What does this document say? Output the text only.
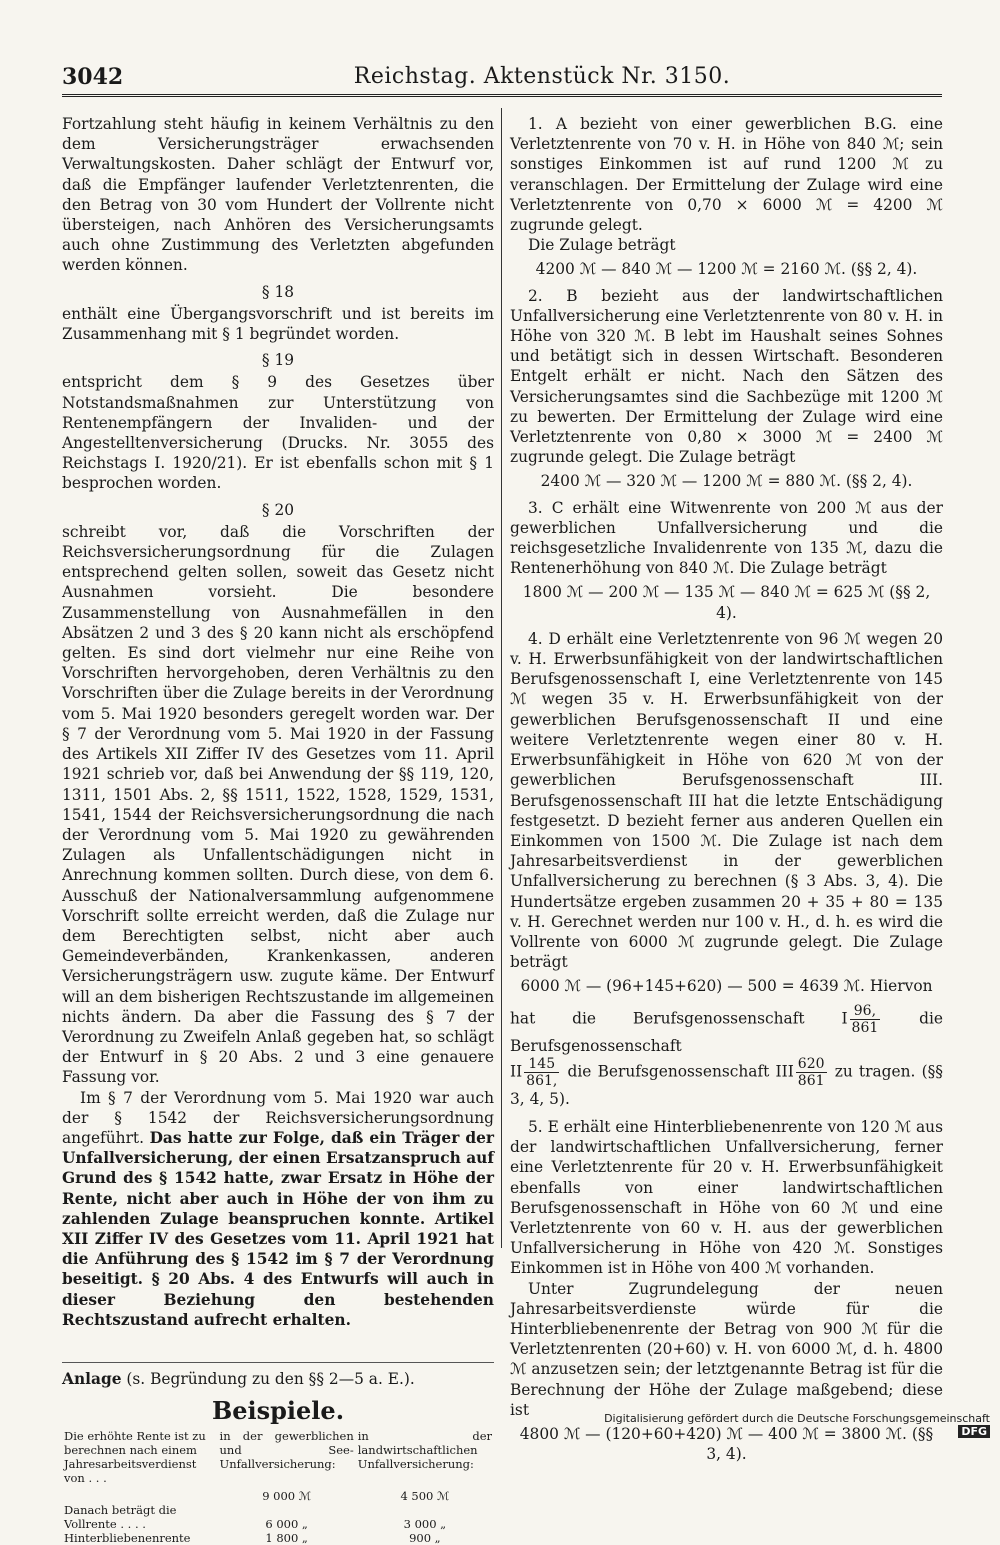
3042	Reichstag. Aktenstück Nr. 3150.

Fortzahlung steht häufig in keinem Verhältnis zu den dem Versicherungsträger erwachsenden Verwaltungskosten. Daher schlägt der Entwurf vor, daß die Empfänger laufender Verletztenrenten, die den Betrag von 30 vom Hundert der Vollrente nicht übersteigen, nach Anhören des Versicherungsamts auch ohne Zustimmung des Verletzten abgefunden werden können.

§ 18

enthält eine Übergangsvorschrift und ist bereits im Zusammenhang mit § 1 begründet worden.

§ 19

entspricht dem § 9 des Gesetzes über Notstandsmaßnahmen zur Unterstützung von Rentenempfängern der Invaliden- und der Angestelltenversicherung (Drucks. Nr. 3055 des Reichstags I. 1920/21). Er ist ebenfalls schon mit § 1 besprochen worden.

§ 20

schreibt vor, daß die Vorschriften der Reichsversicherungsordnung für die Zulagen entsprechend gelten sollen, soweit das Gesetz nicht Ausnahmen vorsieht. Die besondere Zusammenstellung von Ausnahmefällen in den Absätzen 2 und 3 des § 20 kann nicht als erschöpfend gelten. Es sind dort vielmehr nur eine Reihe von Vorschriften hervorgehoben, deren Verhältnis zu den Vorschriften über die Zulage bereits in der Verordnung vom 5. Mai 1920 besonders geregelt worden war. Der § 7 der Verordnung vom 5. Mai 1920 in der Fassung des Artikels XII Ziffer IV des Gesetzes vom 11. April 1921 schrieb vor, daß bei Anwendung der §§ 119, 120, 1311, 1501 Abs. 2, §§ 1511, 1522, 1528, 1529, 1531, 1541, 1544 der Reichsversicherungsordnung die nach der Verordnung vom 5. Mai 1920 zu gewährenden Zulagen als Unfallentschädigungen nicht in Anrechnung kommen sollten. Durch diese, von dem 6. Ausschuß der Nationalversammlung aufgenommene Vorschrift sollte erreicht werden, daß die Zulage nur dem Berechtigten selbst, nicht aber auch Gemeindeverbänden, Krankenkassen, anderen Versicherungsträgern usw. zugute käme. Der Entwurf will an dem bisherigen Rechtszustande im allgemeinen nichts ändern. Da aber die Fassung des § 7 der Verordnung zu Zweifeln Anlaß gegeben hat, so schlägt der Entwurf in § 20 Abs. 2 und 3 eine genauere Fassung vor.

Im § 7 der Verordnung vom 5. Mai 1920 war auch der § 1542 der Reichsversicherungsordnung angeführt. Das hatte zur Folge, daß ein Träger der Unfallversicherung, der einen Ersatzanspruch auf Grund des § 1542 hatte, zwar Ersatz in Höhe der Rente, nicht aber auch in Höhe der von ihm zu zahlenden Zulage beanspruchen konnte. Artikel XII Ziffer IV des Gesetzes vom 11. April 1921 hat die Anführung des § 1542 im § 7 der Verordnung beseitigt. § 20 Abs. 4 des Entwurfs will auch in dieser Beziehung den bestehenden Rechtszustand aufrecht erhalten.

Anlage (s. Begründung zu den §§ 2—5 a. E.).
Beispiele.
Die erhöhte Rente ist zu berechnen nach einem Jahresarbeitsverdienst von . . .	in der gewerblichen und See-Unfallversicherung:	in der landwirtschaftlichen Unfallversicherung:
	9 000 ℳ	4 500 ℳ
Danach beträgt die		
Vollrente . . . .	6 000 „	3 000 „
Hinterbliebenenrente	1 800 „	900 „

1. A bezieht von einer gewerblichen B.G. eine Verletztenrente von 70 v. H. in Höhe von 840 ℳ; sein sonstiges Einkommen ist auf rund 1200 ℳ zu veranschlagen. Der Ermittelung der Zulage wird eine Verletztenrente von 0,70 × 6000 ℳ = 4200 ℳ zugrunde gelegt.

Die Zulage beträgt

4200 ℳ — 840 ℳ — 1200 ℳ = 2160 ℳ. (§§ 2, 4).

2. B bezieht aus der landwirtschaftlichen Unfallversicherung eine Verletztenrente von 80 v. H. in Höhe von 320 ℳ. B lebt im Haushalt seines Sohnes und betätigt sich in dessen Wirtschaft. Besonderen Entgelt erhält er nicht. Nach den Sätzen des Versicherungsamtes sind die Sachbezüge mit 1200 ℳ zu bewerten. Der Ermittelung der Zulage wird eine Verletztenrente von 0,80 × 3000 ℳ = 2400 ℳ zugrunde gelegt. Die Zulage beträgt

2400 ℳ — 320 ℳ — 1200 ℳ = 880 ℳ. (§§ 2, 4).

3. C erhält eine Witwenrente von 200 ℳ aus der gewerblichen Unfallversicherung und die reichsgesetzliche Invalidenrente von 135 ℳ, dazu die Rentenerhöhung von 840 ℳ. Die Zulage beträgt

1800 ℳ — 200 ℳ — 135 ℳ — 840 ℳ = 625 ℳ (§§ 2, 4).

4. D erhält eine Verletztenrente von 96 ℳ wegen 20 v. H. Erwerbsunfähigkeit von der landwirtschaftlichen Berufsgenossenschaft I, eine Verletztenrente von 145 ℳ wegen 35 v. H. Erwerbsunfähigkeit von der gewerblichen Berufsgenossenschaft II und eine weitere Verletztenrente wegen einer 80 v. H. Erwerbsunfähigkeit in Höhe von 620 ℳ von der gewerblichen Berufsgenossenschaft III. Berufsgenossenschaft III hat die letzte Entschädigung festgesetzt. D bezieht ferner aus anderen Quellen ein Einkommen von 1500 ℳ. Die Zulage ist nach dem Jahresarbeitsverdienst in der gewerblichen Unfallversicherung zu berechnen (§ 3 Abs. 3, 4). Die Hundertsätze ergeben zusammen 20 + 35 + 80 = 135 v. H. Gerechnet werden nur 100 v. H., d. h. es wird die Vollrente von 6000 ℳ zugrunde gelegt. Die Zulage beträgt

6000 ℳ — (96+145+620) — 500 = 4639 ℳ. Hiervon

hat die Berufsgenossenschaft I $\frac{96,}{861}$ die Berufsgenossenschaft

II $\frac{145}{861,}$ die Berufsgenossenschaft III $\frac{620}{861}$ zu tragen. (§§ 3, 4, 5).

5. E erhält eine Hinterbliebenenrente von 120 ℳ aus der landwirtschaftlichen Unfallversicherung, ferner eine Verletztenrente für 20 v. H. Erwerbsunfähigkeit ebenfalls von einer landwirtschaftlichen Berufsgenossenschaft in Höhe von 60 ℳ und eine Verletztenrente von 60 v. H. aus der gewerblichen Unfallversicherung in Höhe von 420 ℳ. Sonstiges Einkommen ist in Höhe von 400 ℳ vorhanden.

Unter Zugrundelegung der neuen Jahresarbeitsverdienste würde für die Hinterbliebenenrente der Betrag von 900 ℳ für die Verletztenrenten (20+60) v. H. von 6000 ℳ, d. h. 4800 ℳ anzusetzen sein; der letztgenannte Betrag ist für die Berechnung der Höhe der Zulage maßgebend; diese ist

4800 ℳ — (120+60+420) ℳ — 400 ℳ = 3800 ℳ. (§§ 3, 4).

Digitalisierung gefördert durch die Deutsche Forschungsgemeinschaft DFG
